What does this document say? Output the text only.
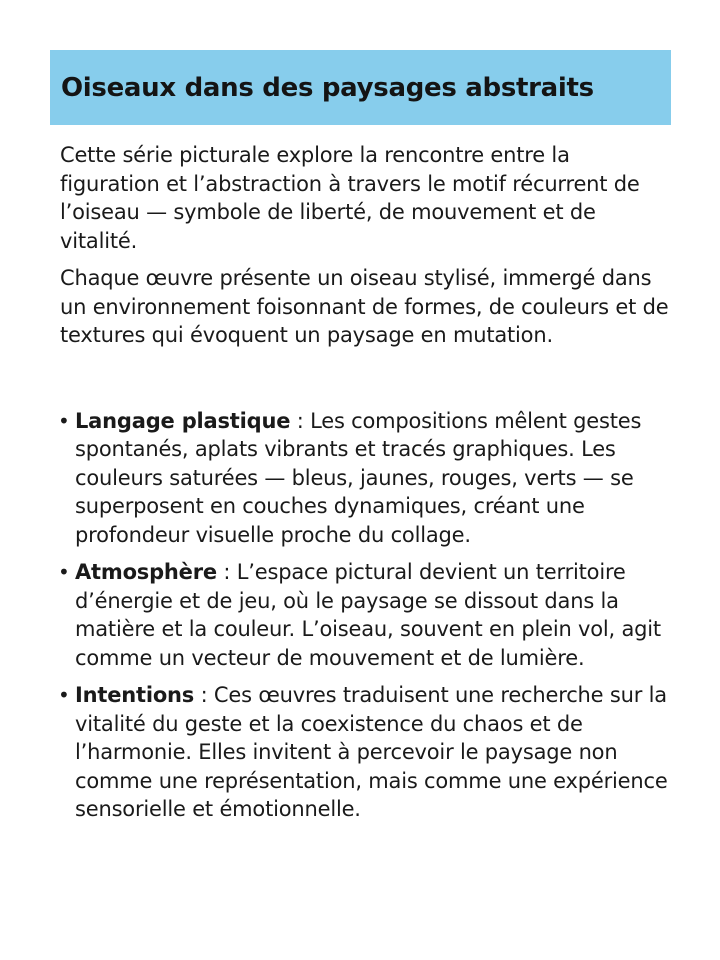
Oiseaux dans des paysages abstraits

Cette série picturale explore la rencontre entre la figuration et l’abstraction à travers le motif récurrent de l’oiseau — symbole de liberté, de mouvement et de vitalité.

Chaque œuvre présente un oiseau stylisé, immergé dans un environnement foisonnant de formes, de couleurs et de textures qui évoquent un paysage en mutation.

• Langage plastique : Les compositions mêlent gestes spontanés, aplats vibrants et tracés graphiques. Les couleurs saturées — bleus, jaunes, rouges, verts — se superposent en couches dynamiques, créant une profondeur visuelle proche du collage.
• Atmosphère : L’espace pictural devient un territoire d’énergie et de jeu, où le paysage se dissout dans la matière et la couleur. L’oiseau, souvent en plein vol, agit comme un vecteur de mouvement et de lumière.
• Intentions : Ces œuvres traduisent une recherche sur la vitalité du geste et la coexistence du chaos et de l’harmonie. Elles invitent à percevoir le paysage non comme une représentation, mais comme une expérience sensorielle et émotionnelle.
